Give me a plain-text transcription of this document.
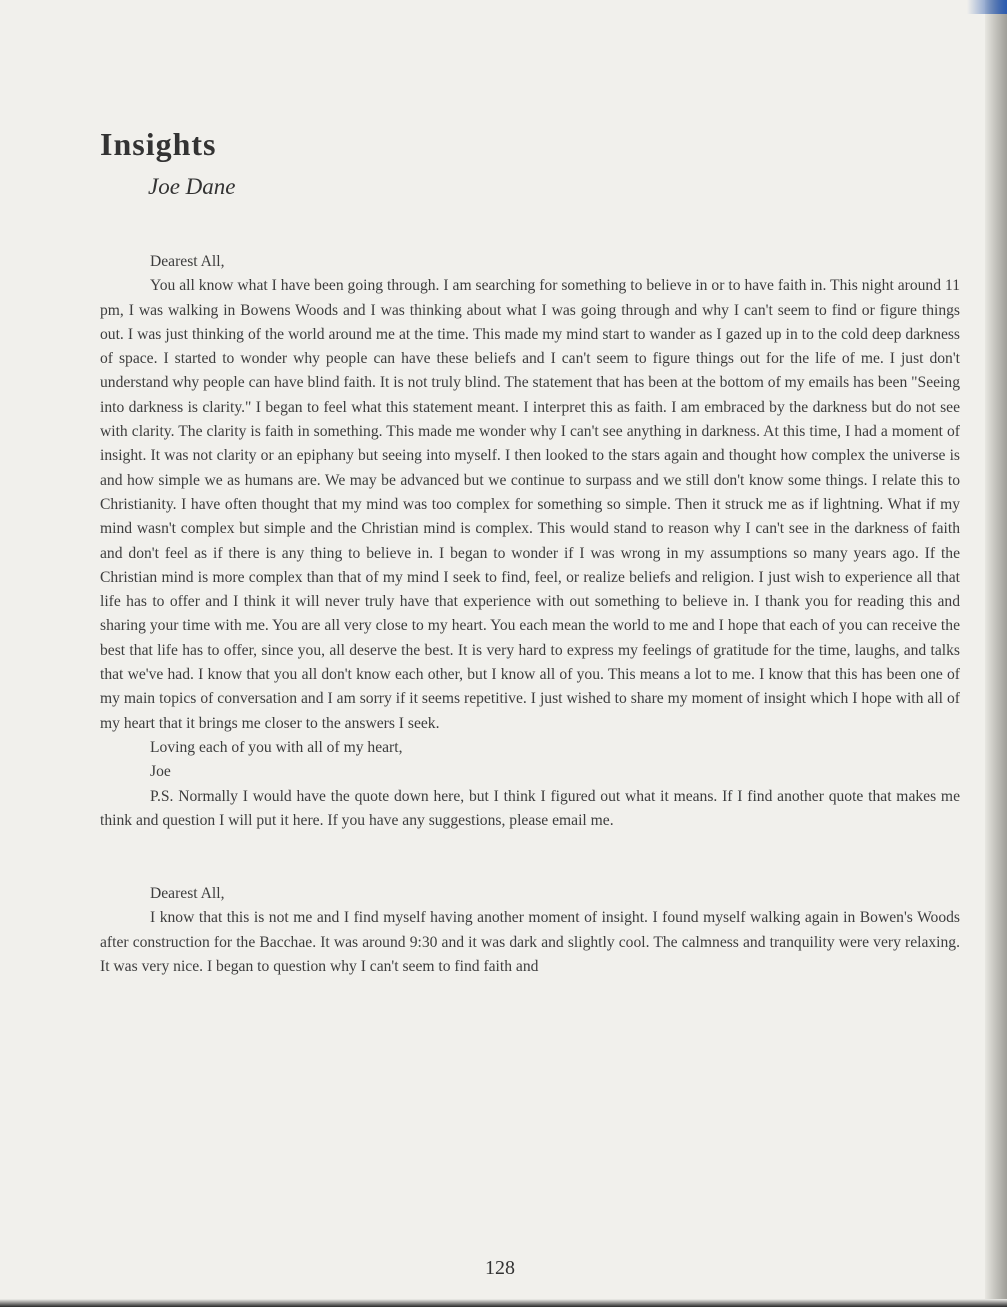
Insights
Joe Dane

Dearest All,

You all know what I have been going through. I am searching for something to believe in or to have faith in. This night around 11 pm, I was walking in Bowens Woods and I was thinking about what I was going through and why I can't seem to find or figure things out. I was just thinking of the world around me at the time. This made my mind start to wander as I gazed up in to the cold deep darkness of space. I started to wonder why people can have these beliefs and I can't seem to figure things out for the life of me. I just don't understand why people can have blind faith. It is not truly blind. The statement that has been at the bottom of my emails has been "Seeing into darkness is clarity." I began to feel what this statement meant. I interpret this as faith. I am embraced by the darkness but do not see with clarity. The clarity is faith in something. This made me wonder why I can't see anything in darkness. At this time, I had a moment of insight. It was not clarity or an epiphany but seeing into myself. I then looked to the stars again and thought how complex the universe is and how simple we as humans are. We may be advanced but we continue to surpass and we still don't know some things. I relate this to Christianity. I have often thought that my mind was too complex for something so simple. Then it struck me as if lightning. What if my mind wasn't complex but simple and the Christian mind is complex. This would stand to reason why I can't see in the darkness of faith and don't feel as if there is any thing to believe in. I began to wonder if I was wrong in my assumptions so many years ago. If the Christian mind is more complex than that of my mind I seek to find, feel, or realize beliefs and religion. I just wish to experience all that life has to offer and I think it will never truly have that experience with out something to believe in. I thank you for reading this and sharing your time with me. You are all very close to my heart. You each mean the world to me and I hope that each of you can receive the best that life has to offer, since you, all deserve the best. It is very hard to express my feelings of gratitude for the time, laughs, and talks that we've had. I know that you all don't know each other, but I know all of you. This means a lot to me. I know that this has been one of my main topics of conversation and I am sorry if it seems repetitive. I just wished to share my moment of insight which I hope with all of my heart that it brings me closer to the answers I seek.

Loving each of you with all of my heart,

Joe

P.S. Normally I would have the quote down here, but I think I figured out what it means. If I find another quote that makes me think and question I will put it here. If you have any suggestions, please email me.

Dearest All,

I know that this is not me and I find myself having another moment of insight. I found myself walking again in Bowen's Woods after construction for the Bacchae. It was around 9:30 and it was dark and slightly cool. The calmness and tranquility were very relaxing. It was very nice. I began to question why I can't seem to find faith and

128
